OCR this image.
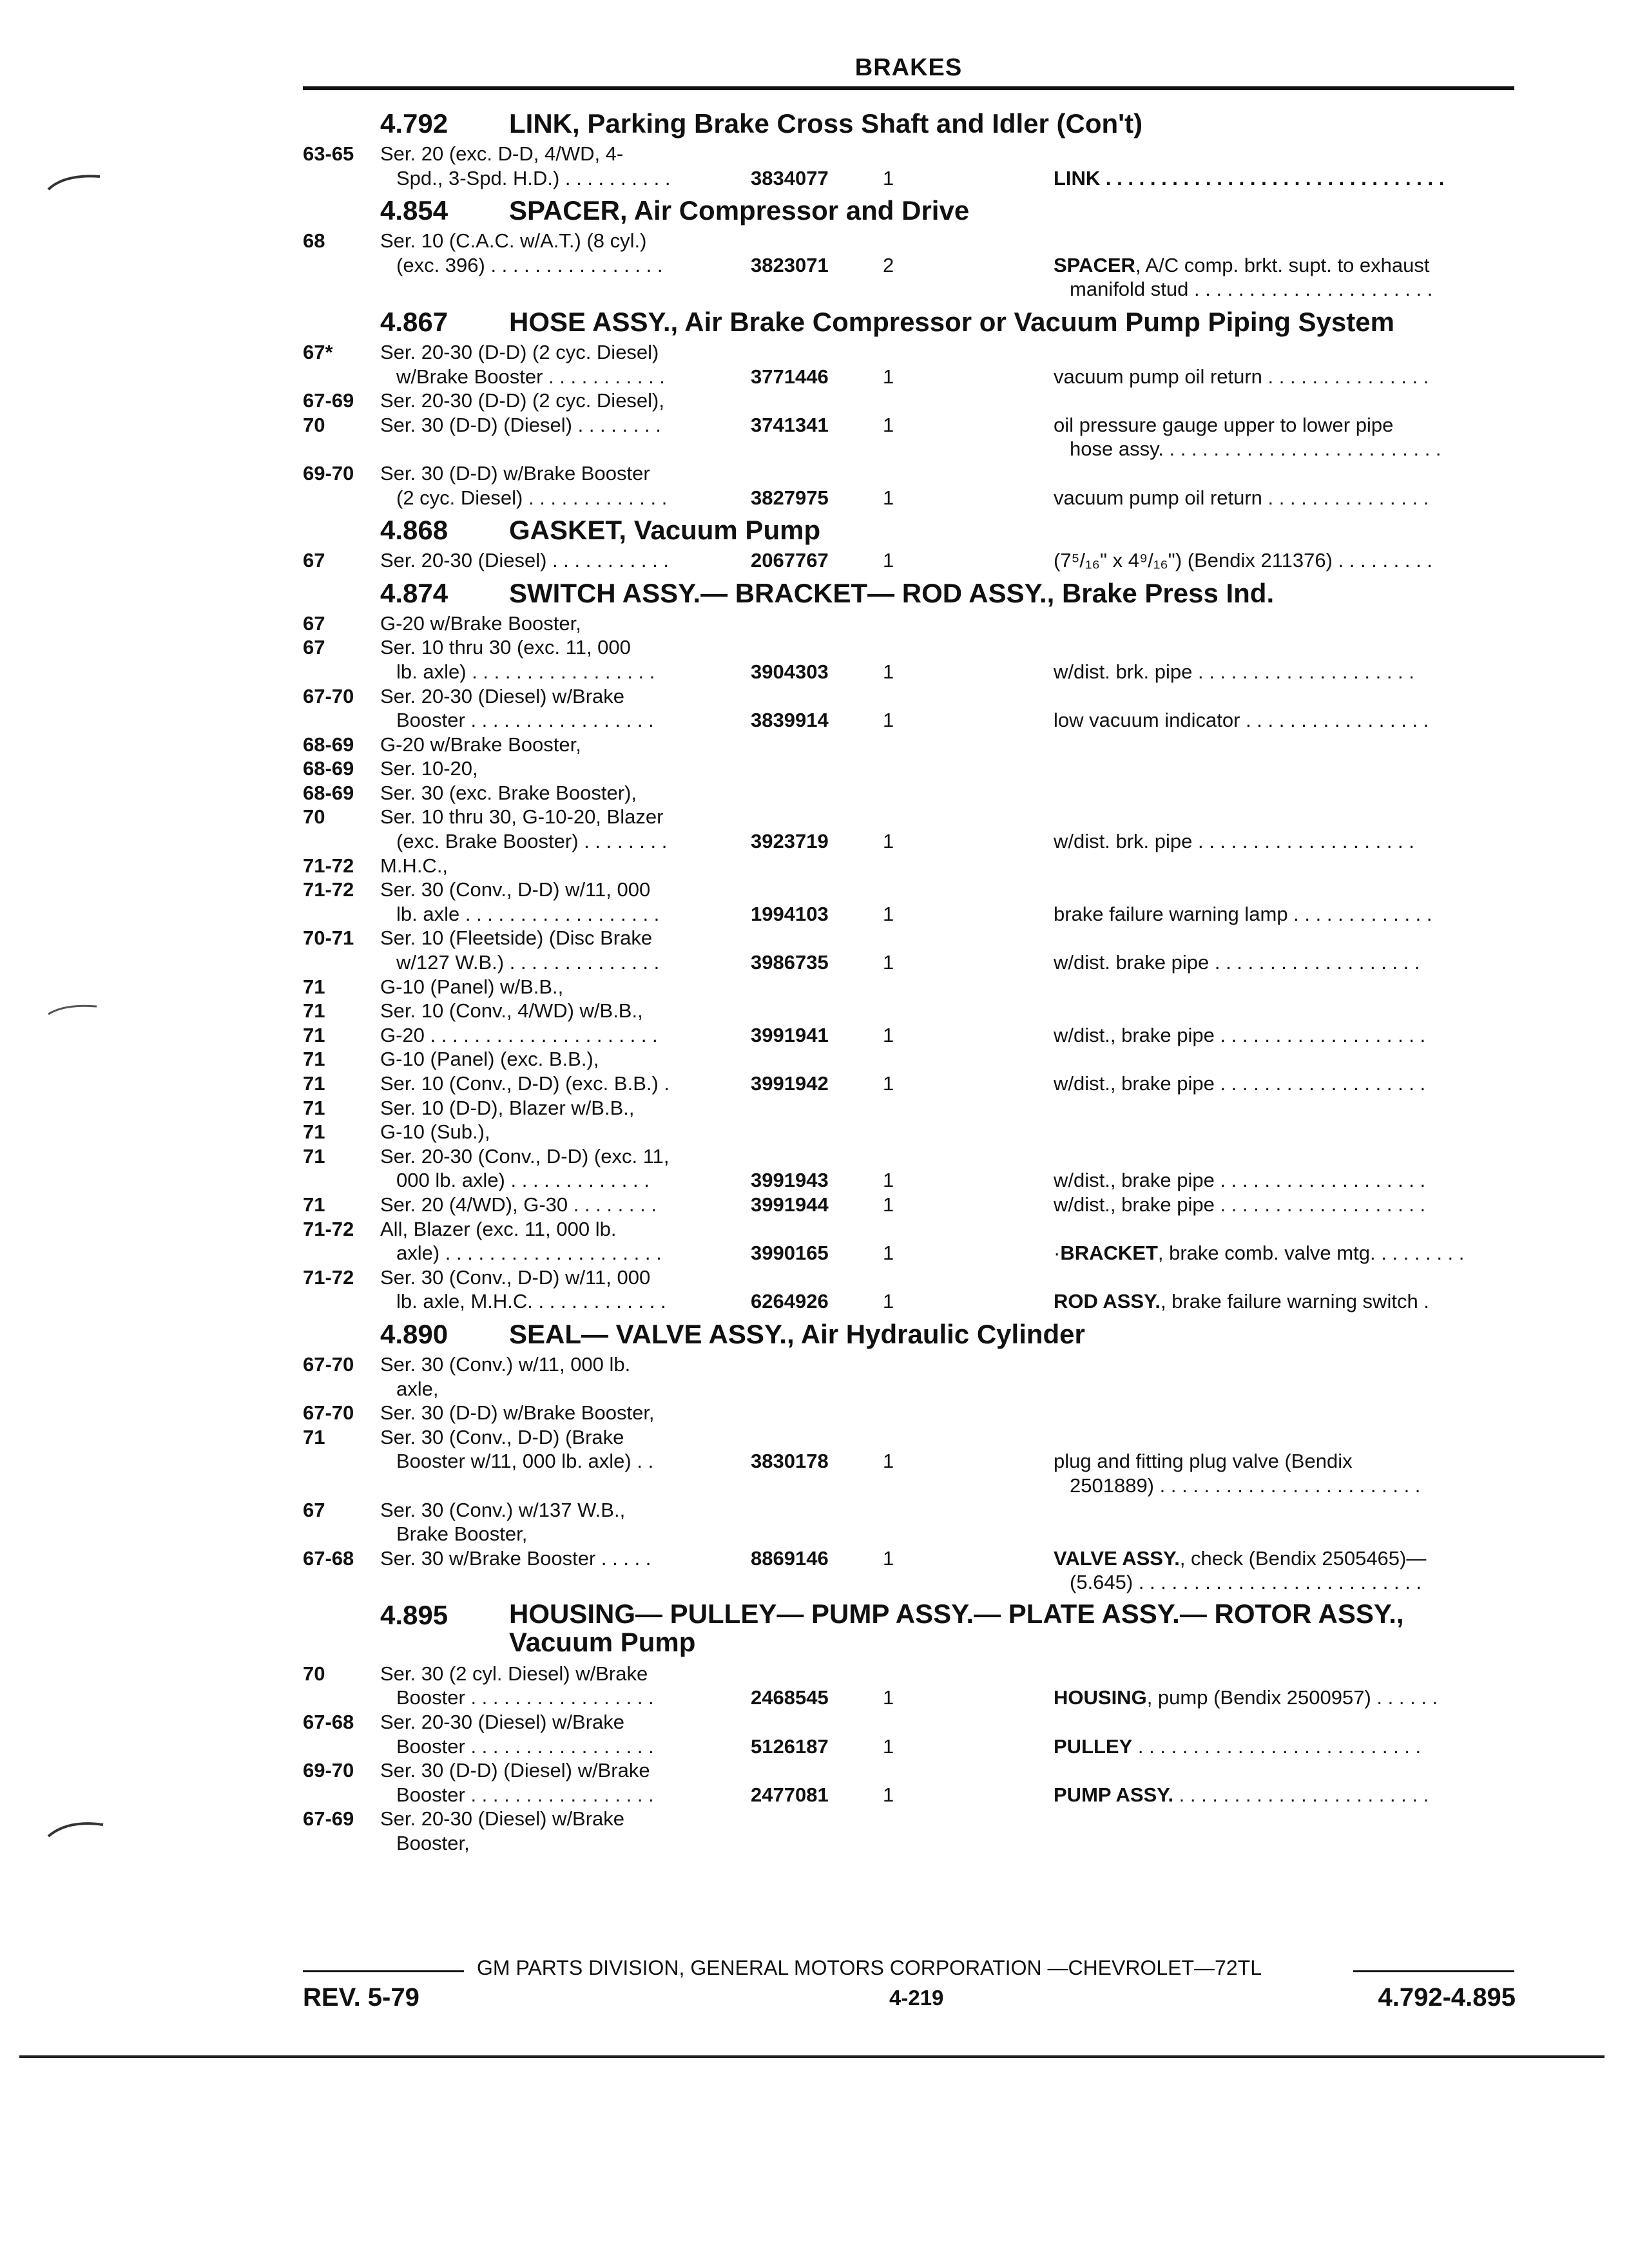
BRAKES
4.792 LINK, Parking Brake Cross Shaft and Idler (Con't)
63-65 Ser. 20 (exc. D-D, 4/WD, 4-
Spd., 3-Spd. H.D.) . . . . . . . . . .	3834077	1	LINK . . . . . . . . . . . . . . . . . . . . . . . . . . . . . . .
4.854 SPACER, Air Compressor and Drive
68	Ser. 10 (C.A.C. w/A.T.) (8 cyl.)
(exc. 396) . . . . . . . . . . . . . . . .	3823071	2	SPACER, A/C comp. brkt. supt. to exhaust
manifold stud . . . . . . . . . . . . . . . . . . . . . .
4.867 HOSE ASSY., Air Brake Compressor or Vacuum Pump Piping System
67* Ser. 20-30 (D-D) (2 cyc. Diesel)
w/Brake Booster . . . . . . . . . . .	3771446	1	vacuum pump oil return . . . . . . . . . . . . . . .
67-69 Ser. 20-30 (D-D) (2 cyc. Diesel),
70	Ser. 30 (D-D) (Diesel) . . . . . . . .	3741341	1	oil pressure gauge upper to lower pipe
hose assy. . . . . . . . . . . . . . . . . . . . . . . . . .
69-70 Ser. 30 (D-D) w/Brake Booster
(2 cyc. Diesel) . . . . . . . . . . . . .	3827975	1	vacuum pump oil return . . . . . . . . . . . . . . .
4.868 GASKET, Vacuum Pump
67	Ser. 20-30 (Diesel) . . . . . . . . . . .	2067767	1	(7⁵/₁₆" x 4⁹/₁₆") (Bendix 211376) . . . . . . . . .
4.874 SWITCH ASSY.— BRACKET— ROD ASSY., Brake Press Ind.
67	G-20 w/Brake Booster,
67	Ser. 10 thru 30 (exc. 11, 000
lb. axle) . . . . . . . . . . . . . . . . .	3904303	1	w/dist. brk. pipe . . . . . . . . . . . . . . . . . . . .
67-70 Ser. 20-30 (Diesel) w/Brake
Booster . . . . . . . . . . . . . . . . .	3839914	1	low vacuum indicator . . . . . . . . . . . . . . . . .
68-69 G-20 w/Brake Booster,
68-69 Ser. 10-20,
68-69 Ser. 30 (exc. Brake Booster),
70	Ser. 10 thru 30, G-10-20, Blazer
(exc. Brake Booster) . . . . . . . .	3923719	1	w/dist. brk. pipe . . . . . . . . . . . . . . . . . . . .
71-72 M.H.C.,
71-72 Ser. 30 (Conv., D-D) w/11, 000
lb. axle . . . . . . . . . . . . . . . . . .	1994103	1	brake failure warning lamp . . . . . . . . . . . . .
70-71 Ser. 10 (Fleetside) (Disc Brake
w/127 W.B.) . . . . . . . . . . . . . .	3986735	1	w/dist. brake pipe . . . . . . . . . . . . . . . . . . .
71	G-10 (Panel) w/B.B.,
71	Ser. 10 (Conv., 4/WD) w/B.B.,
71	G-20 . . . . . . . . . . . . . . . . . . . . .	3991941	1	w/dist., brake pipe . . . . . . . . . . . . . . . . . . .
71	G-10 (Panel) (exc. B.B.),
71	Ser. 10 (Conv., D-D) (exc. B.B.) .	3991942	1	w/dist., brake pipe . . . . . . . . . . . . . . . . . . .
71	Ser. 10 (D-D), Blazer w/B.B.,
71	G-10 (Sub.),
71	Ser. 20-30 (Conv., D-D) (exc. 11,
000 lb. axle) . . . . . . . . . . . . .	3991943	1	w/dist., brake pipe . . . . . . . . . . . . . . . . . . .
71	Ser. 20 (4/WD), G-30 . . . . . . . .	3991944	1	w/dist., brake pipe . . . . . . . . . . . . . . . . . . .
71-72 All, Blazer (exc. 11, 000 lb.
axle) . . . . . . . . . . . . . . . . . . . .	3990165	1	·BRACKET, brake comb. valve mtg. . . . . . . . .
71-72 Ser. 30 (Conv., D-D) w/11, 000
lb. axle, M.H.C. . . . . . . . . . . . .	6264926	1	ROD ASSY., brake failure warning switch .
4.890 SEAL— VALVE ASSY., Air Hydraulic Cylinder
67-70 Ser. 30 (Conv.) w/11, 000 lb.
axle,
67-70 Ser. 30 (D-D) w/Brake Booster,
71	Ser. 30 (Conv., D-D) (Brake
Booster w/11, 000 lb. axle) . .	3830178	1	plug and fitting plug valve (Bendix
2501889) . . . . . . . . . . . . . . . . . . . . . . . .
67	Ser. 30 (Conv.) w/137 W.B.,
Brake Booster,
67-68 Ser. 30 w/Brake Booster . . . . .	8869146	1	VALVE ASSY., check (Bendix 2505465)—
(5.645) . . . . . . . . . . . . . . . . . . . . . . . . . .
4.895 HOUSING— PULLEY— PUMP ASSY.— PLATE ASSY.— ROTOR ASSY., Vacuum Pump
70	Ser. 30 (2 cyl. Diesel) w/Brake
Booster . . . . . . . . . . . . . . . . .	2468545	1	HOUSING, pump (Bendix 2500957) . . . . . .
67-68 Ser. 20-30 (Diesel) w/Brake
Booster . . . . . . . . . . . . . . . . .	5126187	1	PULLEY . . . . . . . . . . . . . . . . . . . . . . . . . .
69-70 Ser. 30 (D-D) (Diesel) w/Brake
Booster . . . . . . . . . . . . . . . . .	2477081	1	PUMP ASSY. . . . . . . . . . . . . . . . . . . . . . . .
67-69 Ser. 20-30 (Diesel) w/Brake
Booster,
GM PARTS DIVISION, GENERAL MOTORS CORPORATION —CHEVROLET—72TL
REV. 5-79	4-219	4.792-4.895
